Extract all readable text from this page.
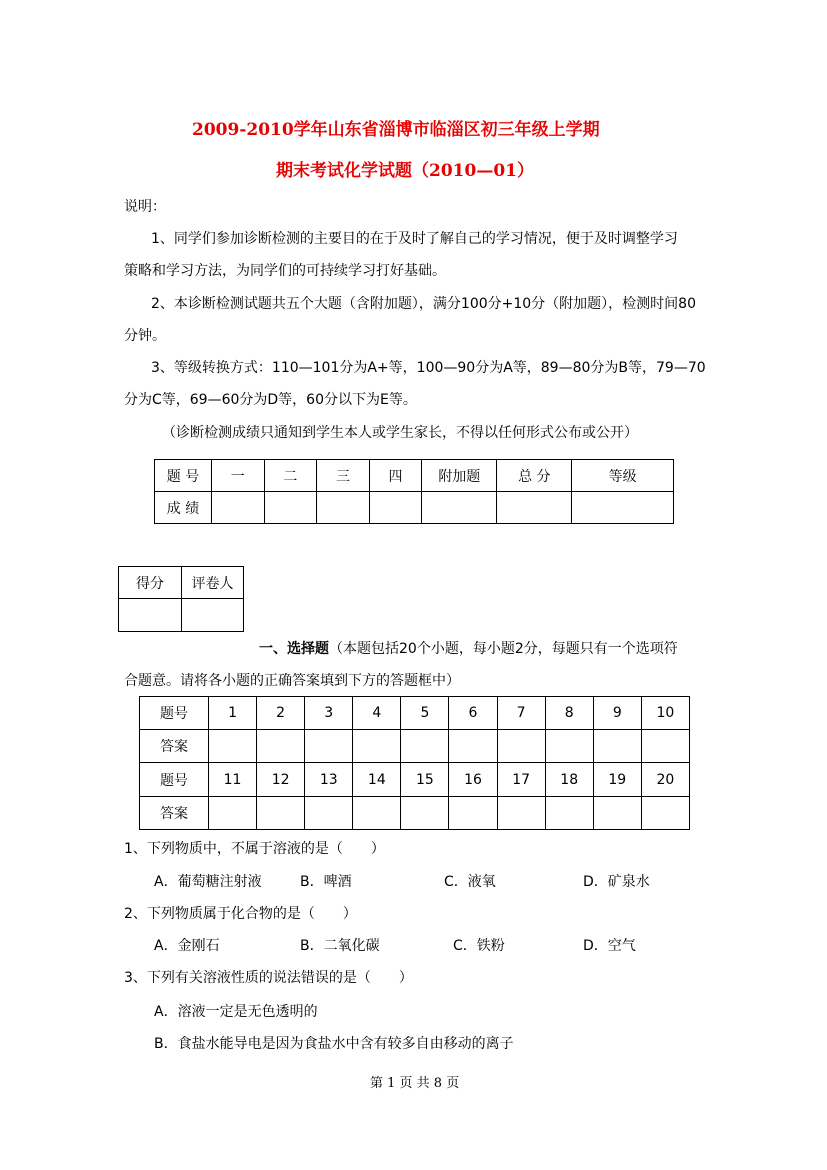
2009-2010学年山东省淄博市临淄区初三年级上学期
期末考试化学试题（2010—01）
说明：
1、同学们参加诊断检测的主要目的在于及时了解自己的学习情况，便于及时调整学习
策略和学习方法，为同学们的可持续学习打好基础。
2、本诊断检测试题共五个大题（含附加题），满分100分+10分（附加题），检测时间80
分钟。
3、等级转换方式：110—101分为A+等，100—90分为A等，89—80分为B等，79—70
分为C等，69—60分为D等，60分以下为E等。
（诊断检测成绩只通知到学生本人或学生家长，不得以任何形式公布或公开）
题 号	一	二	三	四	附加题	总 分	等级
成 绩							
得分	评卷人

一、选择题（本题包括20个小题，每小题2分，每题只有一个选项符
合题意。请将各小题的正确答案填到下方的答题框中）
题号	1	2	3	4	5	6	7	8	9	10
答案										
题号	11	12	13	14	15	16	17	18	19	20
答案										
1、下列物质中，不属于溶液的是（　　）
A．葡萄糖注射液	B．啤酒	C．液氧	D．矿泉水
2、下列物质属于化合物的是（　　）
A．金刚石	B．二氧化碳	C．铁粉	D．空气
3、下列有关溶液性质的说法错误的是（　　）
A．溶液一定是无色透明的
B．食盐水能导电是因为食盐水中含有较多自由移动的离子
第 1 页 共 8 页
